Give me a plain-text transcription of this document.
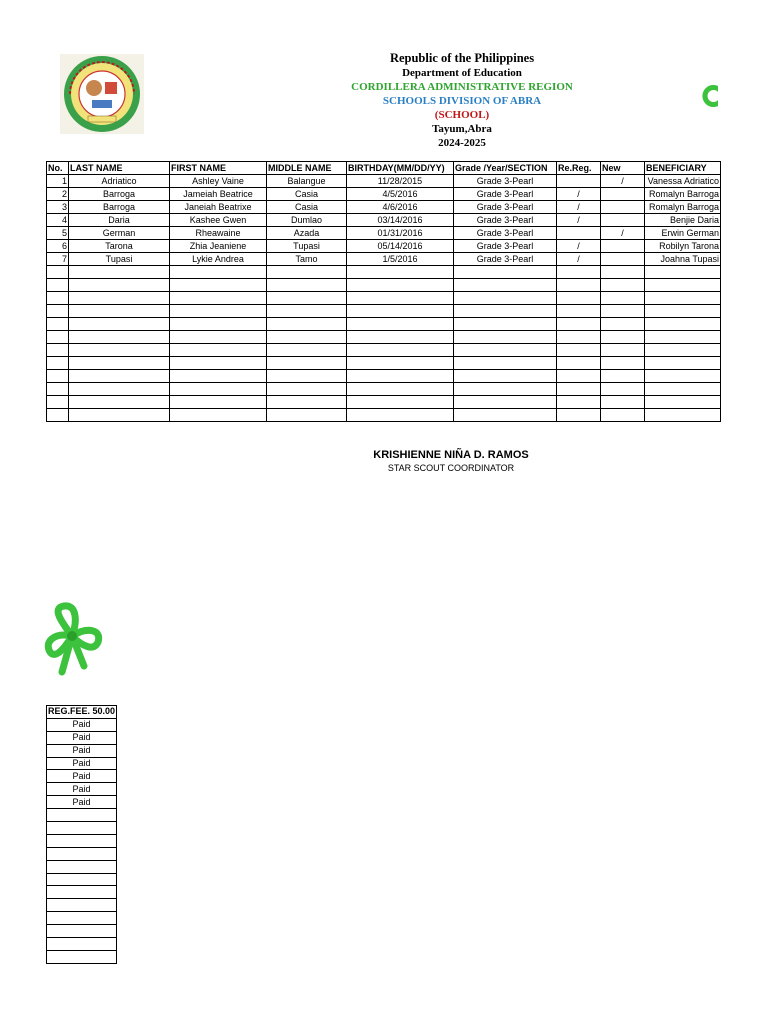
Republic of the Philippines
Department of Education
CORDILLERA ADMINISTRATIVE REGION
SCHOOLS DIVISION OF ABRA
(SCHOOL)
Tayum,Abra
2024-2025
No.	LAST NAME	FIRST NAME	MIDDLE NAME	BIRTHDAY(MM/DD/YY)	Grade /Year/SECTION	Re.Reg.	New	BENEFICIARY
1	Adriatico	Ashley Vaine	Balangue	11/28/2015	Grade 3-Pearl		/	Vanessa Adriatico
2	Barroga	Jameiah Beatrice	Casia	4/5/2016	Grade 3-Pearl	/		Romalyn Barroga
3	Barroga	Janeiah Beatrixe	Casia	4/6/2016	Grade 3-Pearl	/		Romalyn Barroga
4	Daria	Kashee Gwen	Dumlao	03/14/2016	Grade 3-Pearl	/		Benjie Daria
5	German	Rheawaine	Azada	01/31/2016	Grade 3-Pearl		/	Erwin German
6	Tarona	Zhia Jeaniene	Tupasi	05/14/2016	Grade 3-Pearl	/		Robilyn Tarona
7	Tupasi	Lykie Andrea	Tamo	1/5/2016	Grade 3-Pearl	/		Joahna Tupasi

KRISHIENNE NIÑA D. RAMOS
STAR SCOUT COORDINATOR
REG.FEE. 50.00
Paid
Paid
Paid
Paid
Paid
Paid
Paid
